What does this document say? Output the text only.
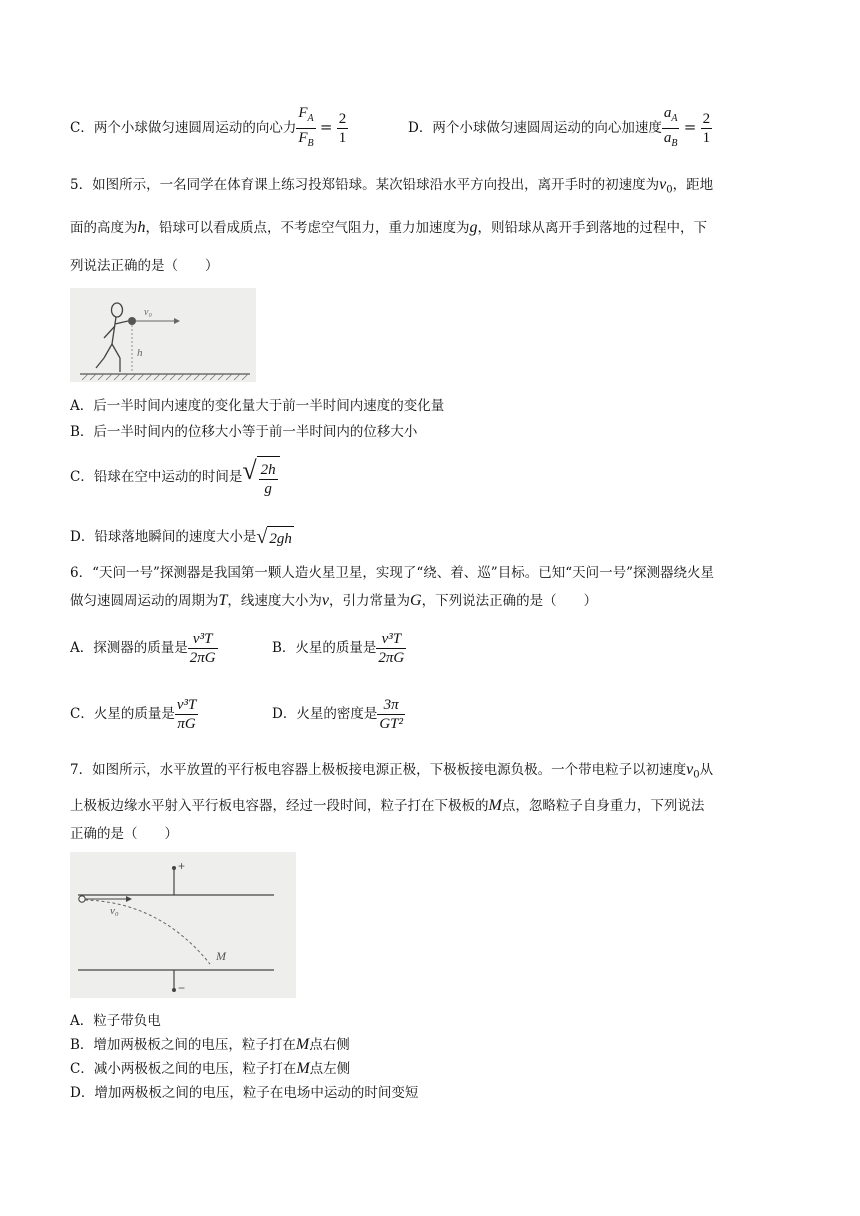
C．两个小球做匀速圆周运动的向心力 $\frac{F_A}{F_B} = \frac{2}{1}$	D．两个小球做匀速圆周运动的向心加速度 $\frac{a_A}{a_B} = \frac{2}{1}$
5．如图所示，一名同学在体育课上练习投郑铅球。某次铅球沿水平方向投出，离开手时的初速度为$v_0$，距地
面的高度为h，铅球可以看成质点，不考虑空气阻力，重力加速度为g，则铅球从离开手到落地的过程中，下
列说法正确的是（　　）
v₀
h
A．后一半时间内速度的变化量大于前一半时间内速度的变化量
B．后一半时间内的位移大小等于前一半时间内的位移大小
C．铅球在空中运动的时间是 √ $\frac{2h}{g}$
D．铅球落地瞬间的速度大小是 √ 2gh
6．“天问一号”探测器是我国第一颗人造火星卫星，实现了“绕、着、巡”目标。已知“天问一号”探测器绕火星
做匀速圆周运动的周期为T，线速度大小为v，引力常量为G，下列说法正确的是（　　）
A．探测器的质量是 $\frac{\text{v³T}}{2\pi G}$	B．火星的质量是 $\frac{\text{v³T}}{2\pi G}$
C．火星的质量是 $\frac{\text{v³T}}{\pi G}$	D．火星的密度是 $\frac{3\pi}{\text{GT²}}$
7．如图所示，水平放置的平行板电容器上极板接电源正极，下极板接电源负极。一个带电粒子以初速度$v_0$从
上极板边缘水平射入平行板电容器，经过一段时间，粒子打在下极板的M点，忽略粒子自身重力，下列说法
正确的是（　　）
+
−
v₀
M
A．粒子带负电
B．增加两极板之间的电压，粒子打在M点右侧
C．减小两极板之间的电压，粒子打在M点左侧
D．增加两极板之间的电压，粒子在电场中运动的时间变短
